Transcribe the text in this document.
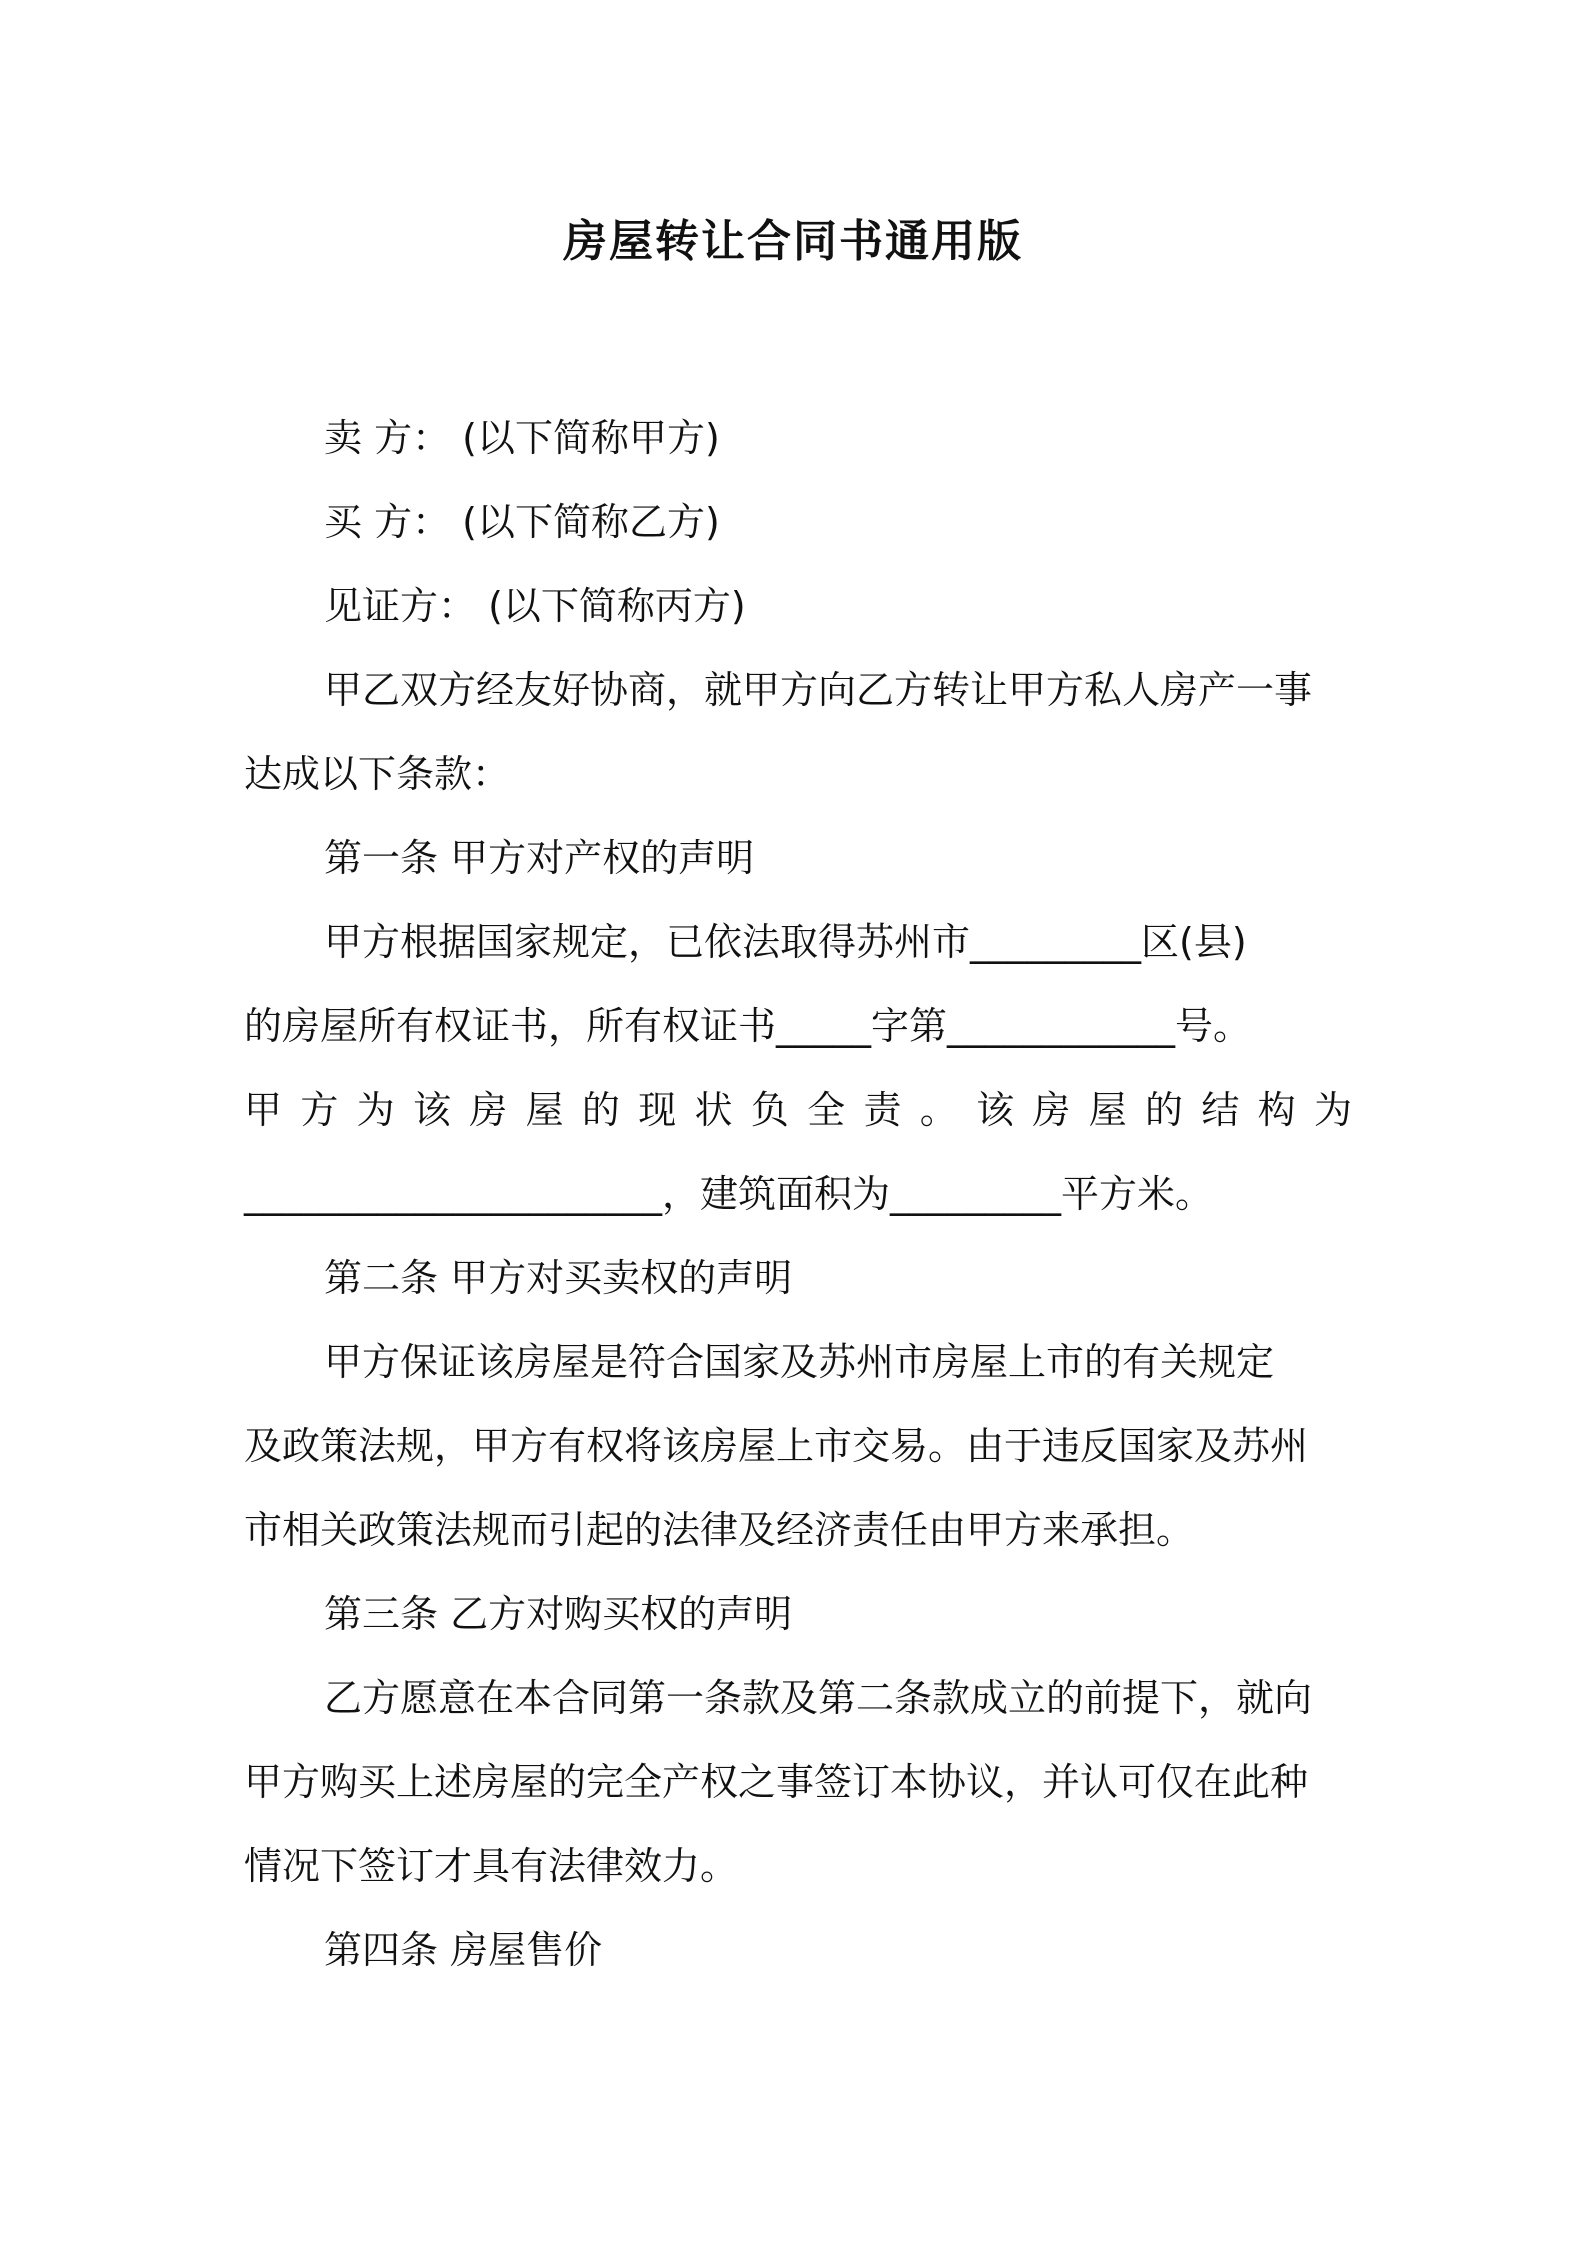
房屋转让合同书通用版
卖 方： (以下简称甲方)
买 方： (以下简称乙方)
见证方： (以下简称丙方)
甲乙双方经友好协商，就甲方向乙方转让甲方私人房产一事
达成以下条款：
第一条 甲方对产权的声明
甲方根据国家规定，已依法取得苏州市_________区(县)
的房屋所有权证书，所有权证书_____字第____________号。
甲 方 为 该 房 屋 的 现 状 负 全 责 。 该 房 屋 的 结 构 为
______________________，建筑面积为_________平方米。
第二条 甲方对买卖权的声明
甲方保证该房屋是符合国家及苏州市房屋上市的有关规定
及政策法规，甲方有权将该房屋上市交易。由于违反国家及苏州
市相关政策法规而引起的法律及经济责任由甲方来承担。
第三条 乙方对购买权的声明
乙方愿意在本合同第一条款及第二条款成立的前提下，就向
甲方购买上述房屋的完全产权之事签订本协议，并认可仅在此种
情况下签订才具有法律效力。
第四条 房屋售价
